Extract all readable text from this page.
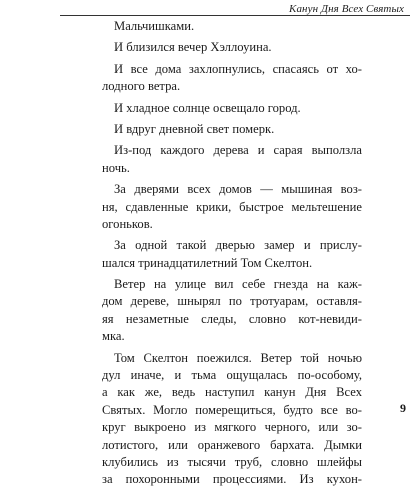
Канун Дня Всех Святых
Мальчишками.
И близился вечер Хэллоуина.
И все дома захлопнулись, спасаясь от хо-
лодного ветра.
И хладное солнце освещало город.
И вдруг дневной свет померк.
Из-под каждого дерева и сарая выползла
ночь.
За дверями всех домов — мышиная воз-
ня, сдавленные крики, быстрое мельтешение
огоньков.
За одной такой дверью замер и прислу-
шался тринадцатилетний Том Скелтон.
Ветер на улице вил себе гнезда на каж-
дом дереве, шнырял по тротуарам, оставля-
яя незаметные следы, словно кот-невиди-
мка.
Том Скелтон поежился. Ветер той ночью
дул иначе, и тьма ощущалась по-особому,
а как же, ведь наступил канун Дня Всех
Святых. Могло померещиться, будто все во-
круг выкроено из мягкого черного, или зо-
лотистого, или оранжевого бархата. Дымки
клубились из тысячи труб, словно шлейфы
за похоронными процессиями. Из кухон-
9
